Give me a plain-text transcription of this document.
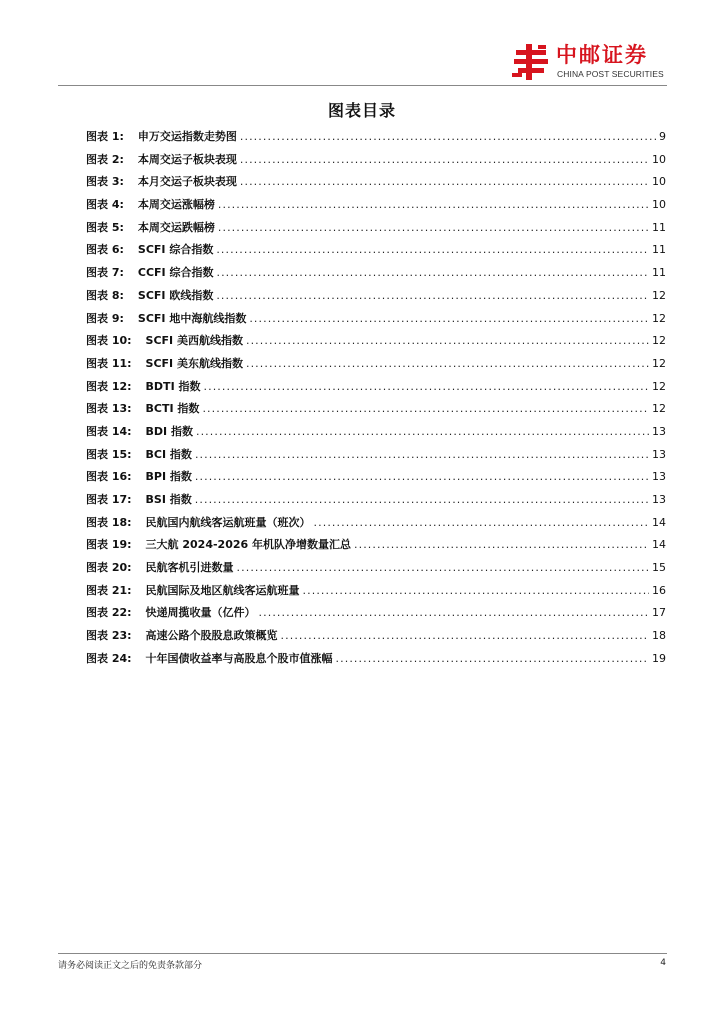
中邮证券
CHINA POST SECURITIES
图表目录
图表 1: 申万交运指数走势图 .....	9
图表 2: 本周交运子板块表现 .....	10
图表 3: 本月交运子板块表现 .....	10
图表 4: 本周交运涨幅榜 .....	10
图表 5: 本周交运跌幅榜 .....	11
图表 6: SCFI 综合指数 .....	11
图表 7: CCFI 综合指数 .....	11
图表 8: SCFI 欧线指数 .....	12
图表 9: SCFI 地中海航线指数 .....	12
图表 10: SCFI 美西航线指数 .....	12
图表 11: SCFI 美东航线指数 .....	12
图表 12: BDTI 指数 .....	12
图表 13: BCTI 指数 .....	12
图表 14: BDI 指数 .....	13
图表 15: BCI 指数 .....	13
图表 16: BPI 指数 .....	13
图表 17: BSI 指数 .....	13
图表 18: 民航国内航线客运航班量（班次） .....	14
图表 19: 三大航 2024-2026 年机队净增数量汇总 .....	14
图表 20: 民航客机引进数量 .....	15
图表 21: 民航国际及地区航线客运航班量 .....	16
图表 22: 快递周揽收量（亿件） .....	17
图表 23: 高速公路个股股息政策概览 .....	18
图表 24: 十年国债收益率与高股息个股市值涨幅 .....	19
请务必阅读正文之后的免责条款部分	4
